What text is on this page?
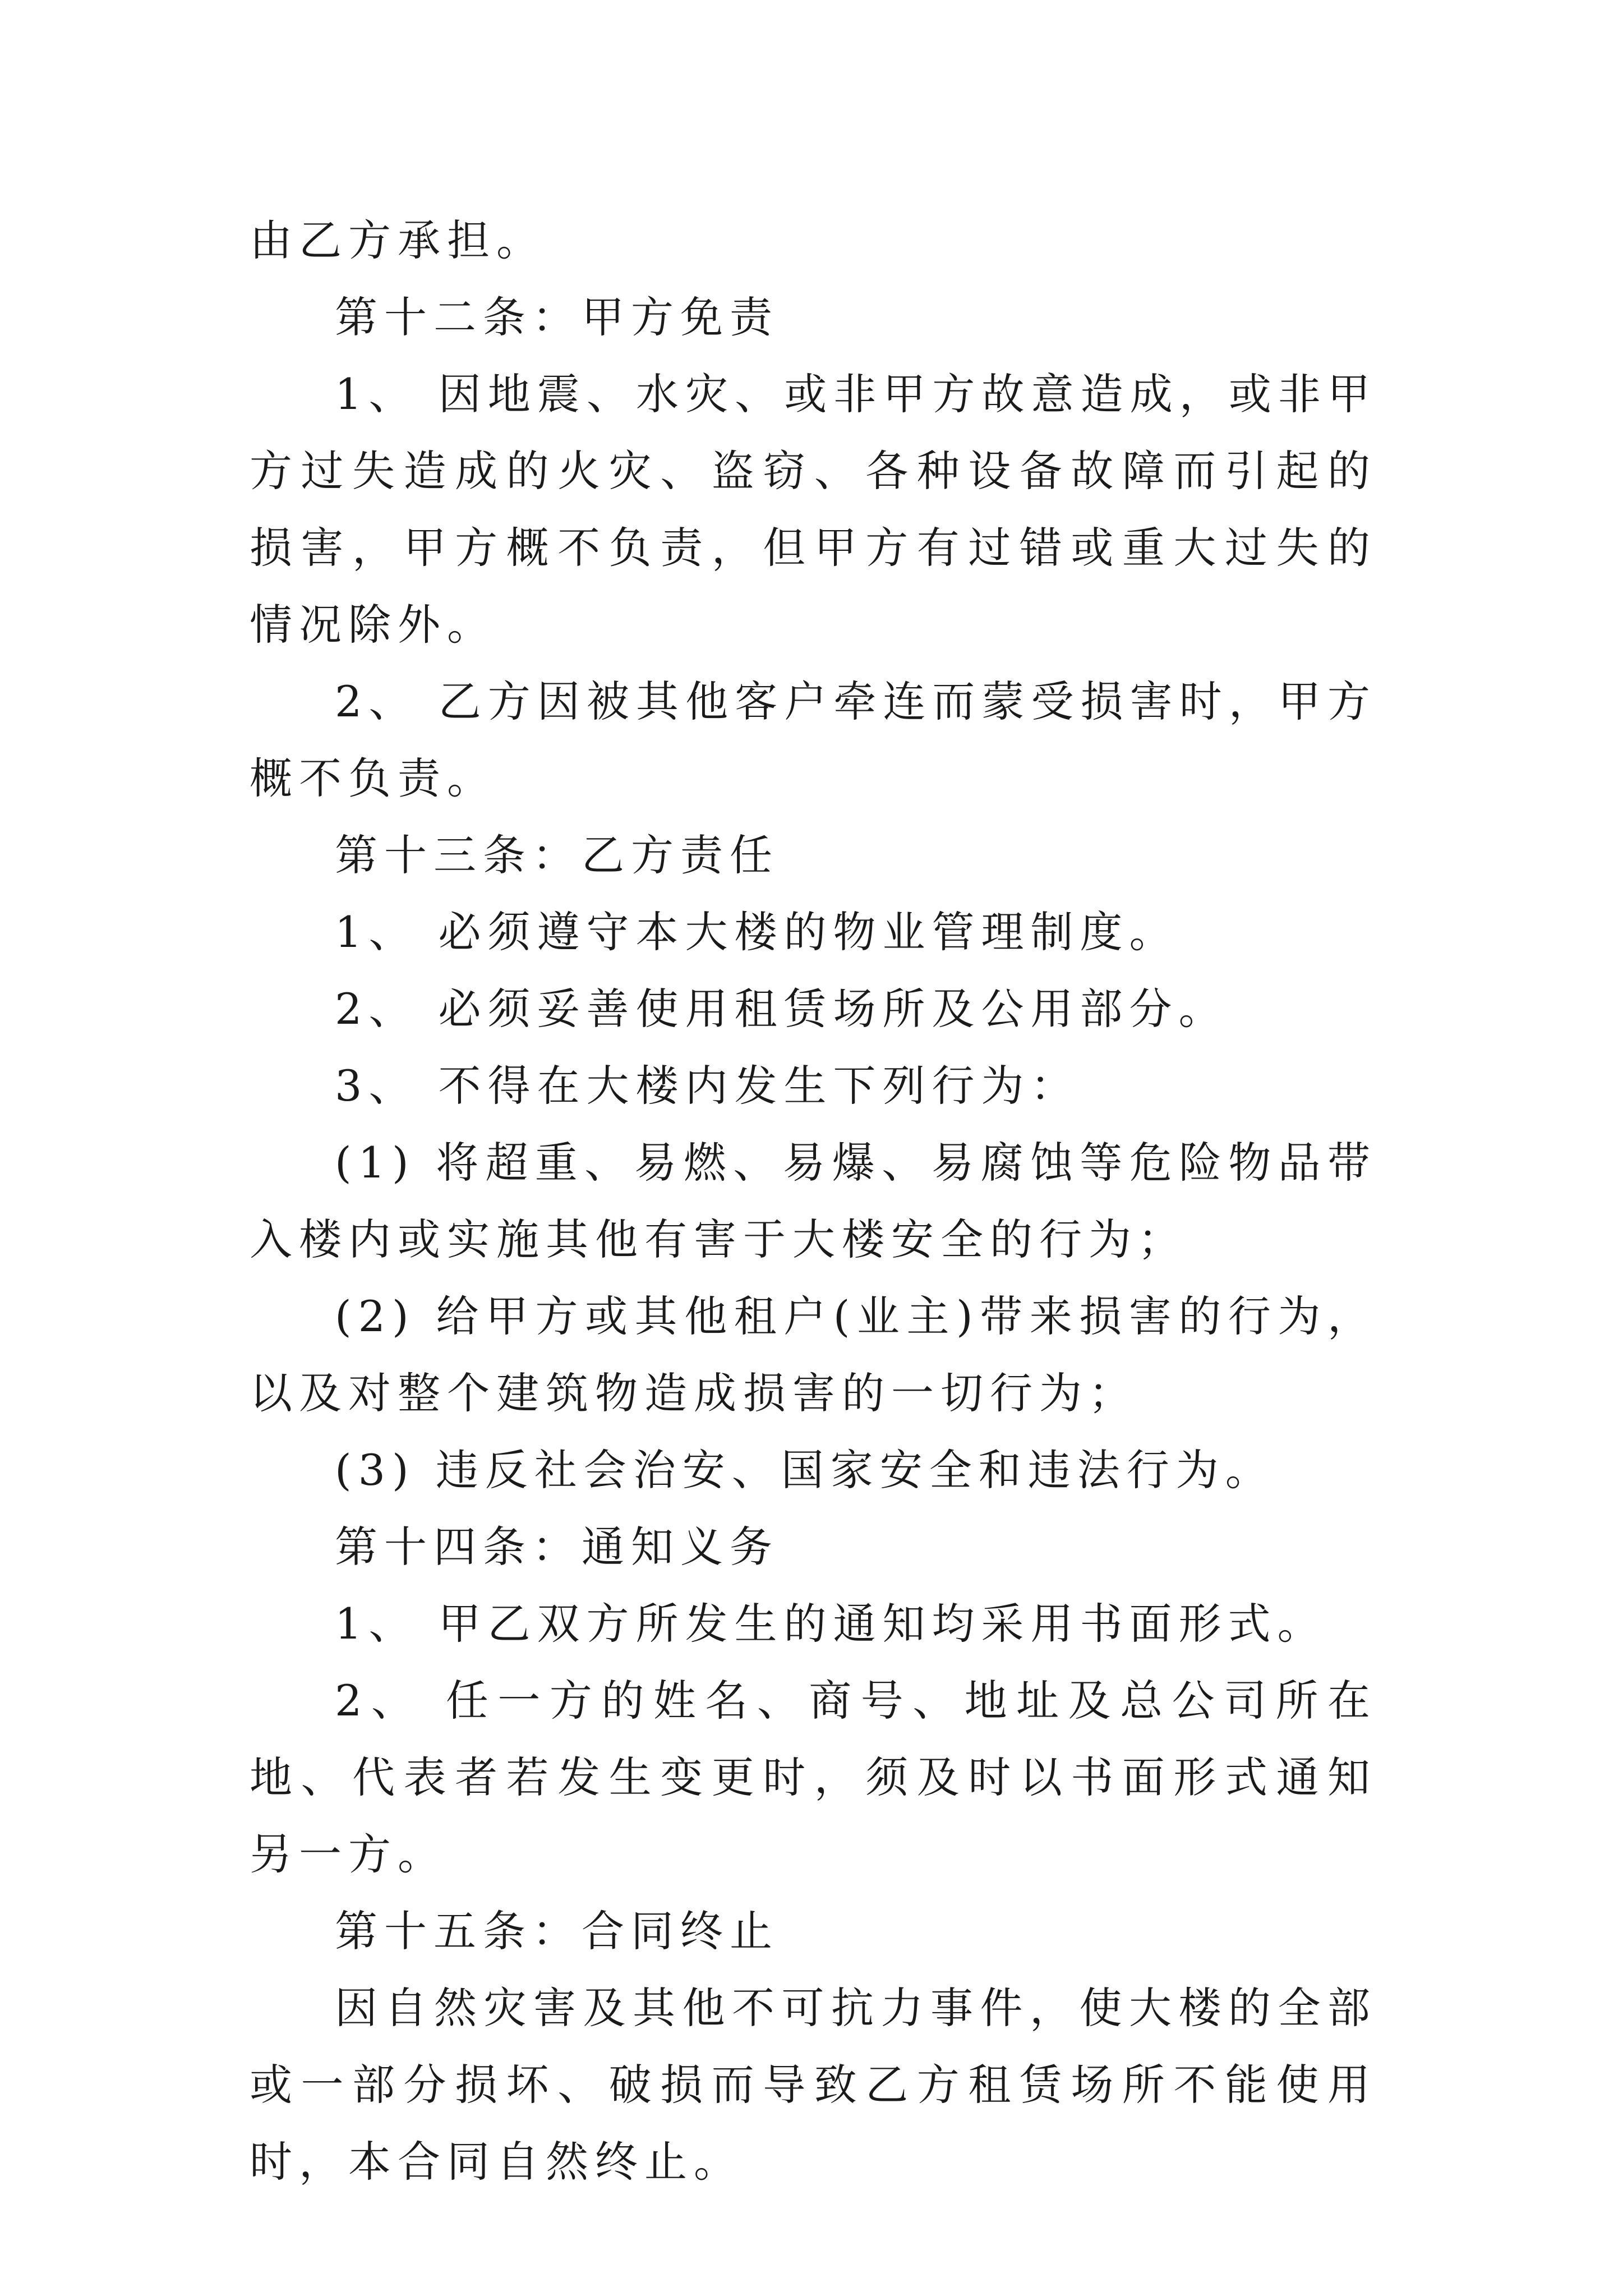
由乙方承担。

第十二条：甲方免责

1、 因地震、水灾、或非甲方故意造成，或非甲方过失造成的火灾、盗窃、各种设备故障而引起的损害，甲方概不负责，但甲方有过错或重大过失的情况除外。

2、 乙方因被其他客户牵连而蒙受损害时，甲方概不负责。

第十三条：乙方责任

1、 必须遵守本大楼的物业管理制度。

2、 必须妥善使用租赁场所及公用部分。

3、 不得在大楼内发生下列行为：

(1) 将超重、易燃、易爆、易腐蚀等危险物品带入楼内或实施其他有害于大楼安全的行为；

(2) 给甲方或其他租户(业主)带来损害的行为，以及对整个建筑物造成损害的一切行为；

(3) 违反社会治安、国家安全和违法行为。

第十四条：通知义务

1、 甲乙双方所发生的通知均采用书面形式。

2、 任一方的姓名、商号、地址及总公司所在地、代表者若发生变更时，须及时以书面形式通知另一方。

第十五条：合同终止

因自然灾害及其他不可抗力事件，使大楼的全部或一部分损坏、破损而导致乙方租赁场所不能使用时，本合同自然终止。
